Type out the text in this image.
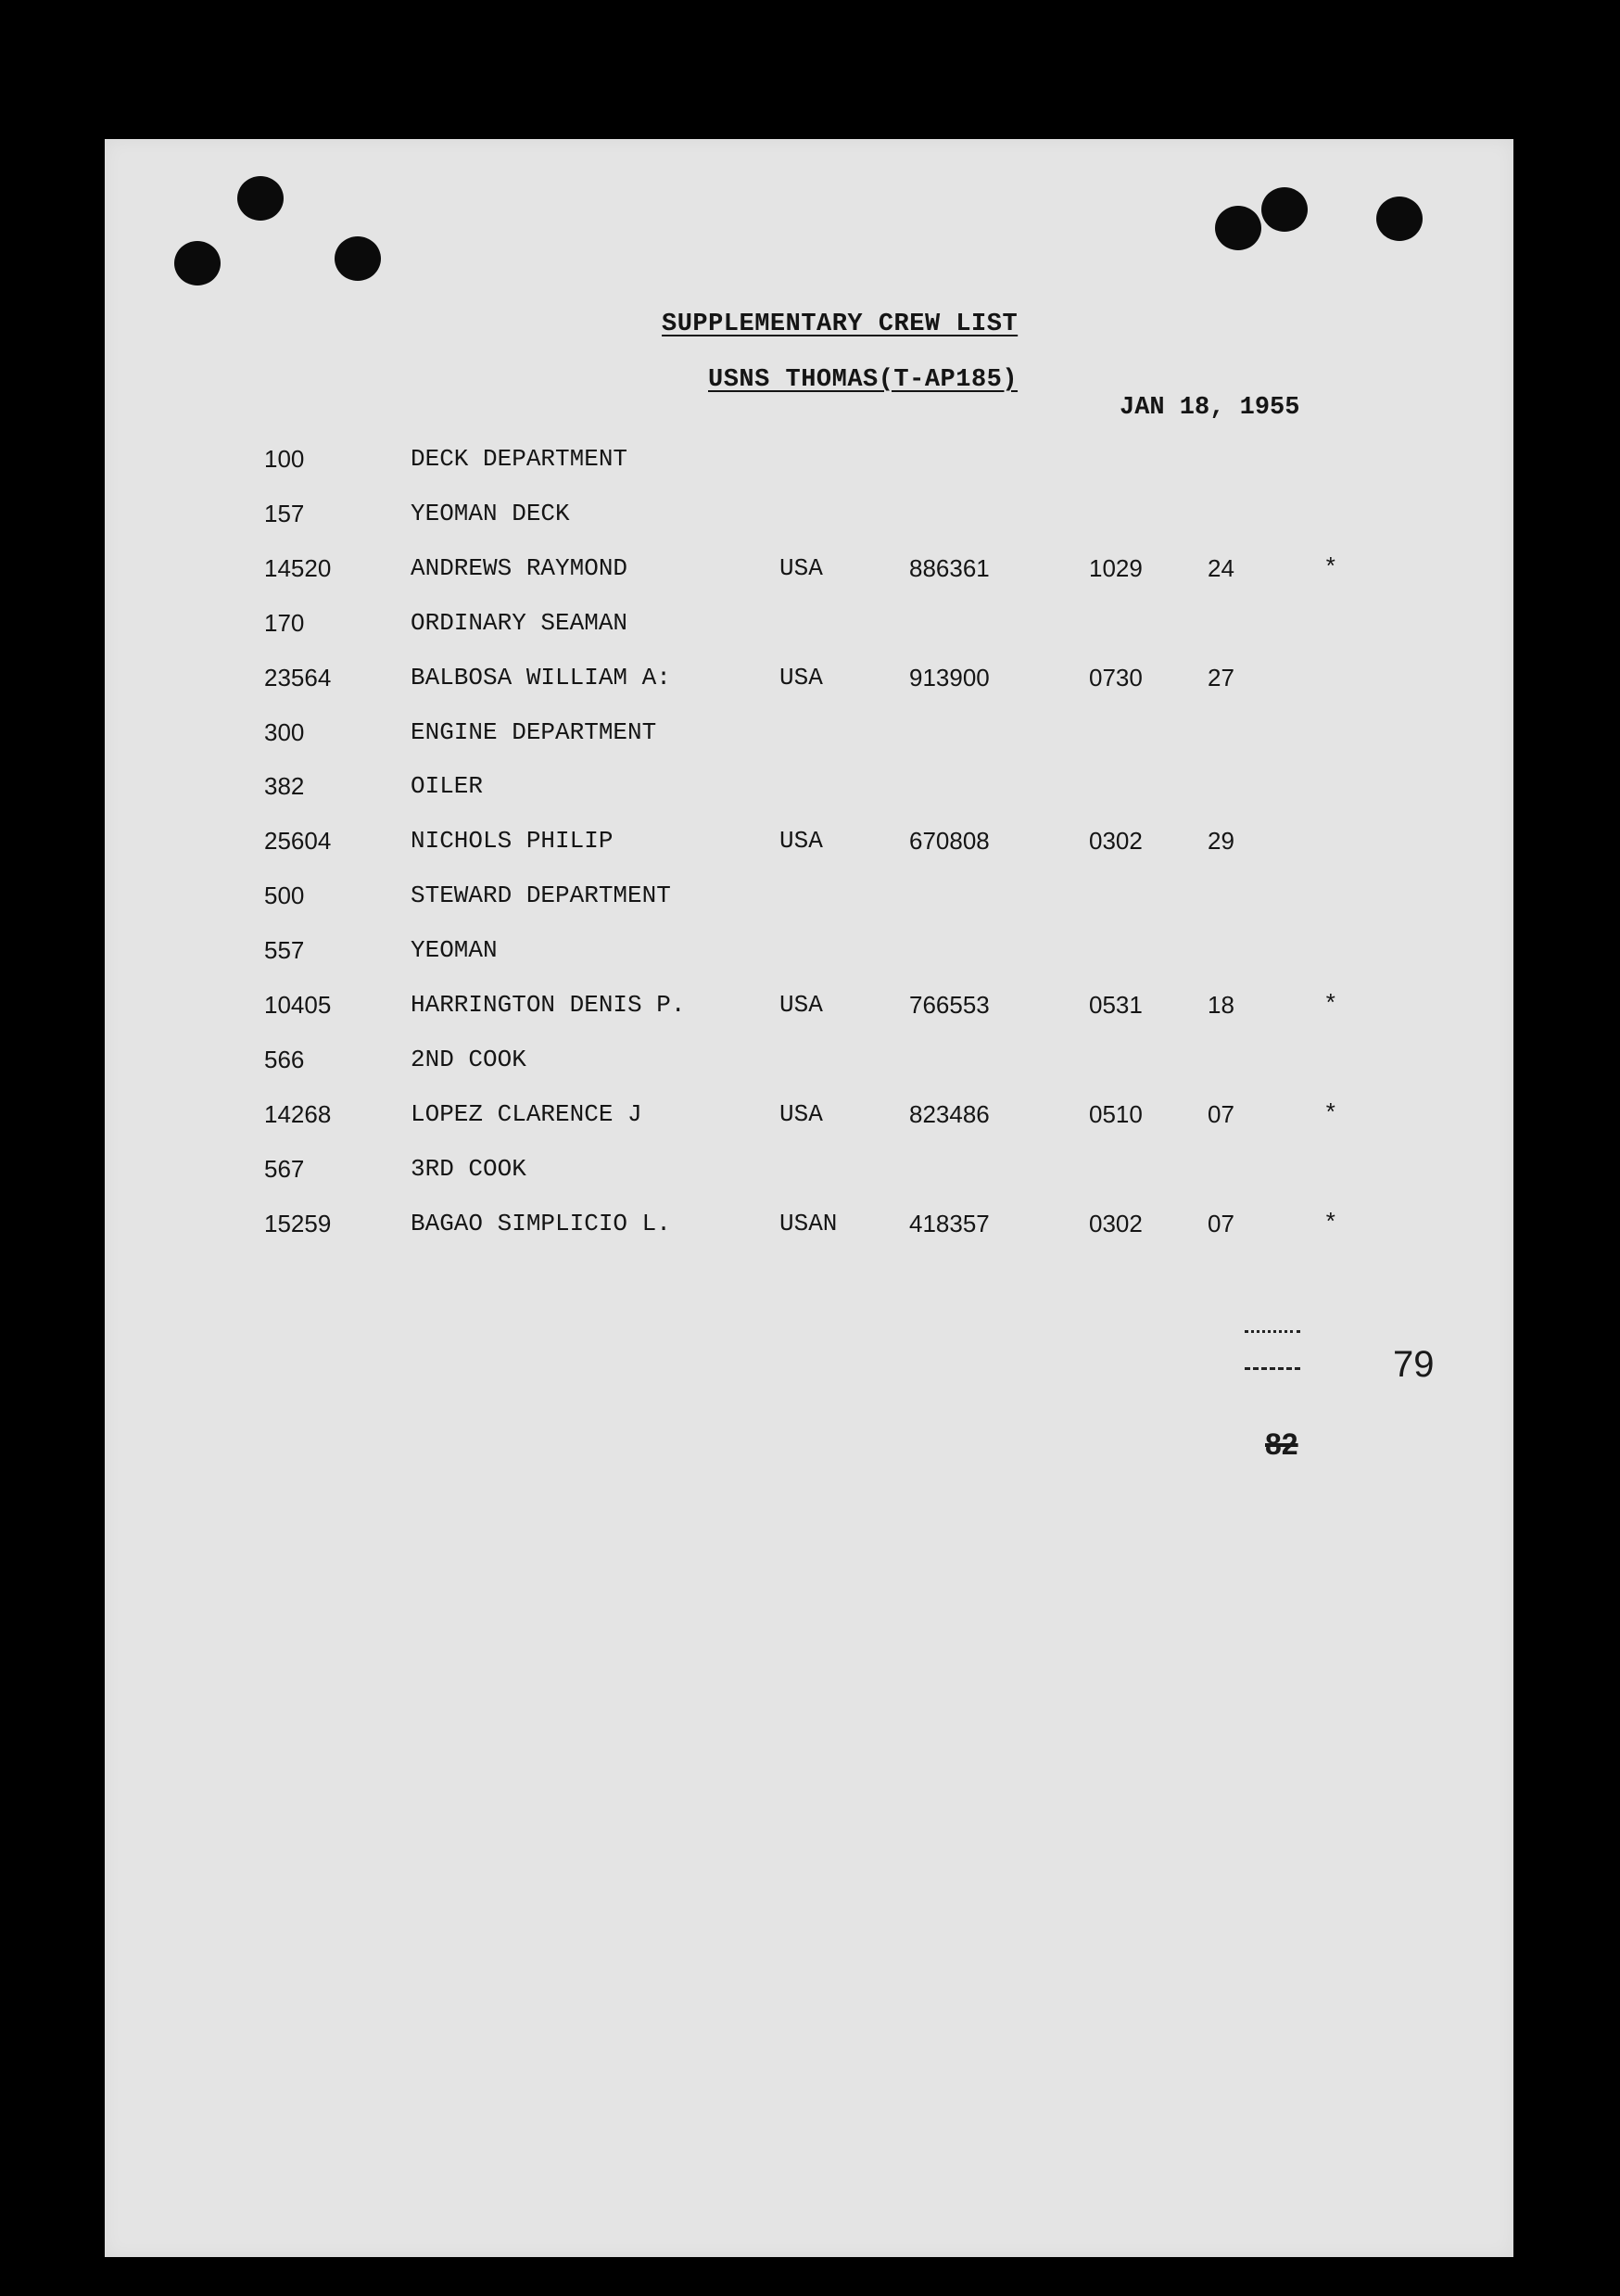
SUPPLEMENTARY CREW LIST
USNS THOMAS(T-AP185)
JAN 18, 1955
100	DECK DEPARTMENT
157	YEOMAN DECK
14520	ANDREWS RAYMOND	USA	886361	1029	24	*
170	ORDINARY SEAMAN
23564	BALBOSA WILLIAM A:	USA	913900	0730	27
300	ENGINE DEPARTMENT
382	OILER
25604	NICHOLS PHILIP	USA	670808	0302	29
500	STEWARD DEPARTMENT
557	YEOMAN
10405	HARRINGTON DENIS P.	USA	766553	0531	18	*
566	2ND COOK
14268	LOPEZ CLARENCE J	USA	823486	0510	07	*
567	3RD COOK
15259	BAGAO SIMPLICIO L.	USAN	418357	0302	07	*
79
82
